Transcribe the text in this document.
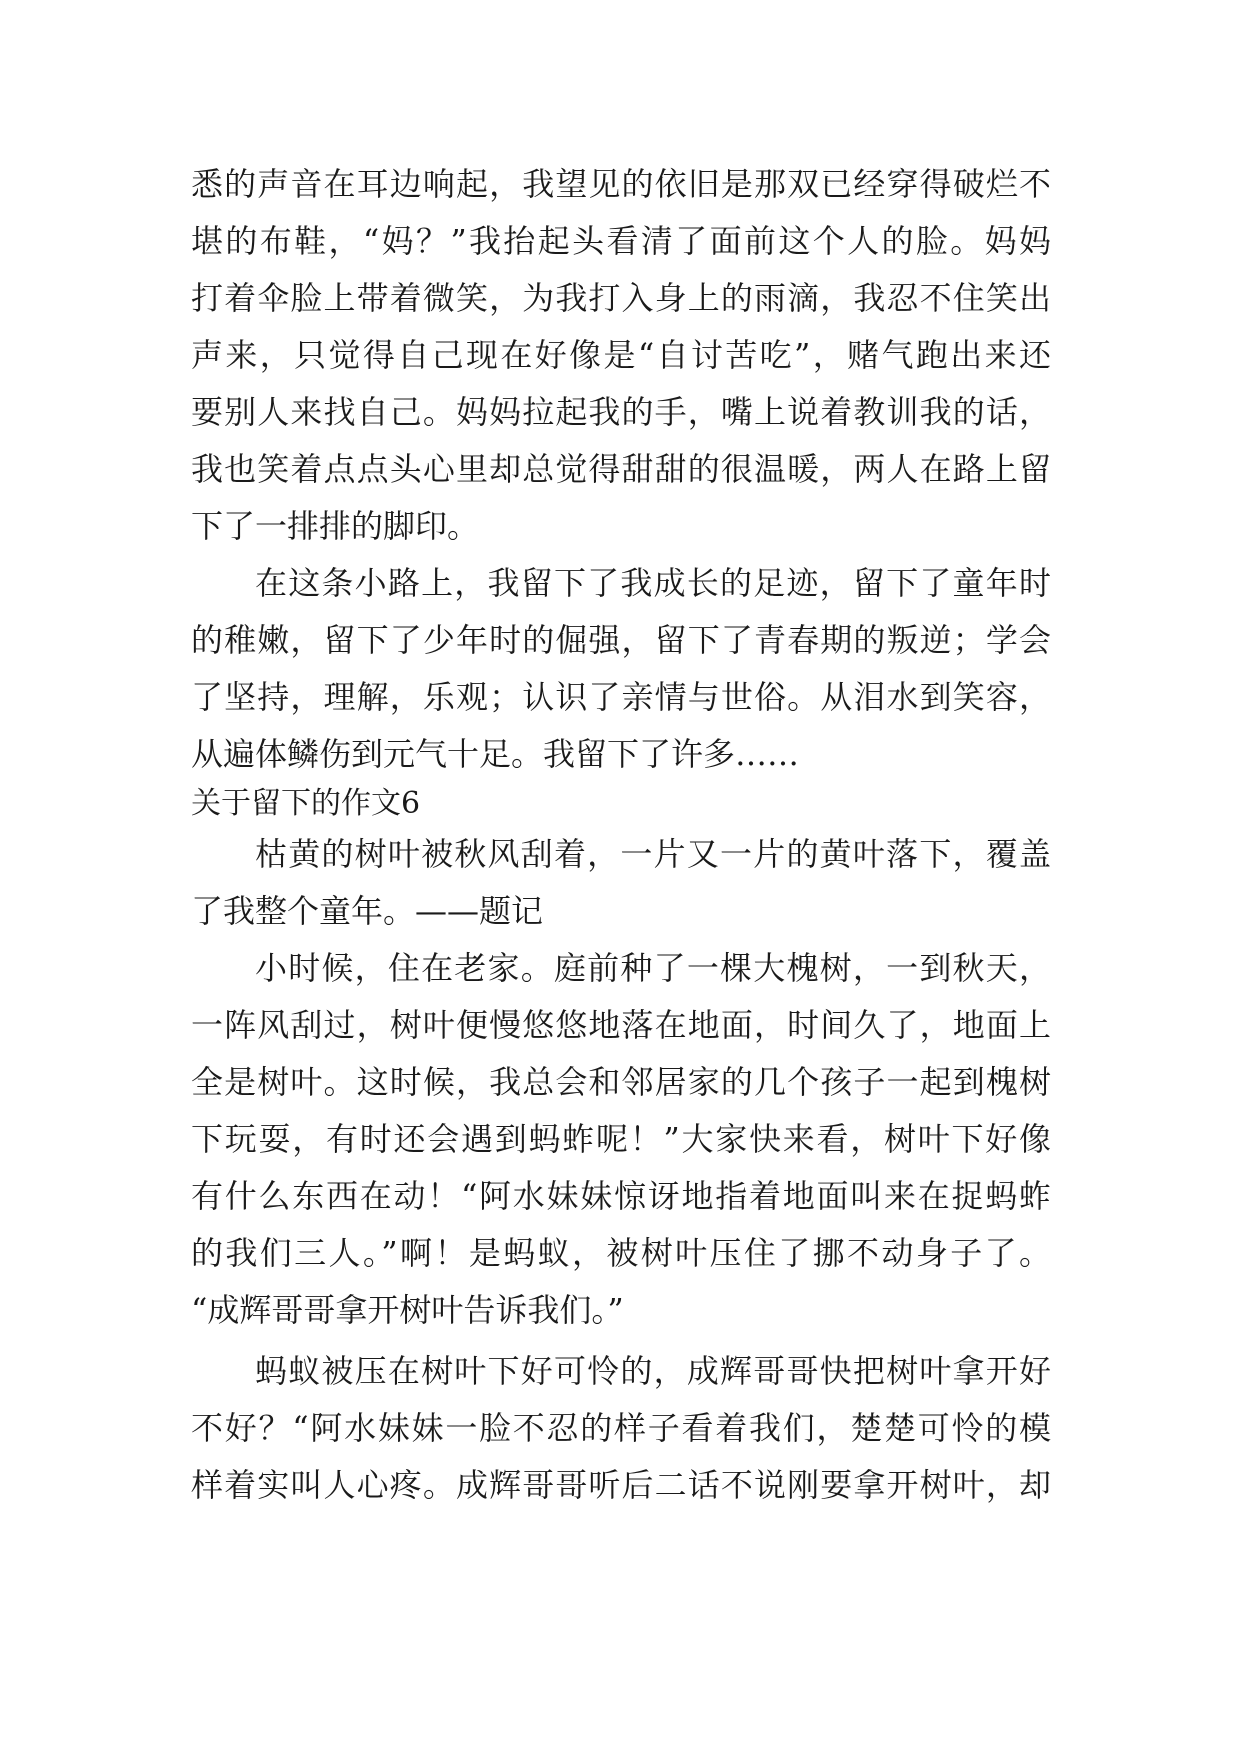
悉的声音在耳边响起，我望见的依旧是那双已经穿得破烂不
堪的布鞋，“妈？”我抬起头看清了面前这个人的脸。妈妈
打着伞脸上带着微笑，为我打入身上的雨滴，我忍不住笑出
声来，只觉得自己现在好像是“自讨苦吃”，赌气跑出来还
要别人来找自己。妈妈拉起我的手，嘴上说着教训我的话，
我也笑着点点头心里却总觉得甜甜的很温暖，两人在路上留
下了一排排的脚印。
在这条小路上，我留下了我成长的足迹，留下了童年时
的稚嫩，留下了少年时的倔强，留下了青春期的叛逆；学会
了坚持，理解，乐观；认识了亲情与世俗。从泪水到笑容，
从遍体鳞伤到元气十足。我留下了许多……
关于留下的作文6
枯黄的树叶被秋风刮着，一片又一片的黄叶落下，覆盖
了我整个童年。——题记
小时候，住在老家。庭前种了一棵大槐树，一到秋天，
一阵风刮过，树叶便慢悠悠地落在地面，时间久了，地面上
全是树叶。这时候，我总会和邻居家的几个孩子一起到槐树
下玩耍，有时还会遇到蚂蚱呢！”大家快来看，树叶下好像
有什么东西在动！“阿水妹妹惊讶地指着地面叫来在捉蚂蚱
的我们三人。”啊！是蚂蚁，被树叶压住了挪不动身子了。
“成辉哥哥拿开树叶告诉我们。”
蚂蚁被压在树叶下好可怜的，成辉哥哥快把树叶拿开好
不好？“阿水妹妹一脸不忍的样子看着我们，楚楚可怜的模
样着实叫人心疼。成辉哥哥听后二话不说刚要拿开树叶，却
